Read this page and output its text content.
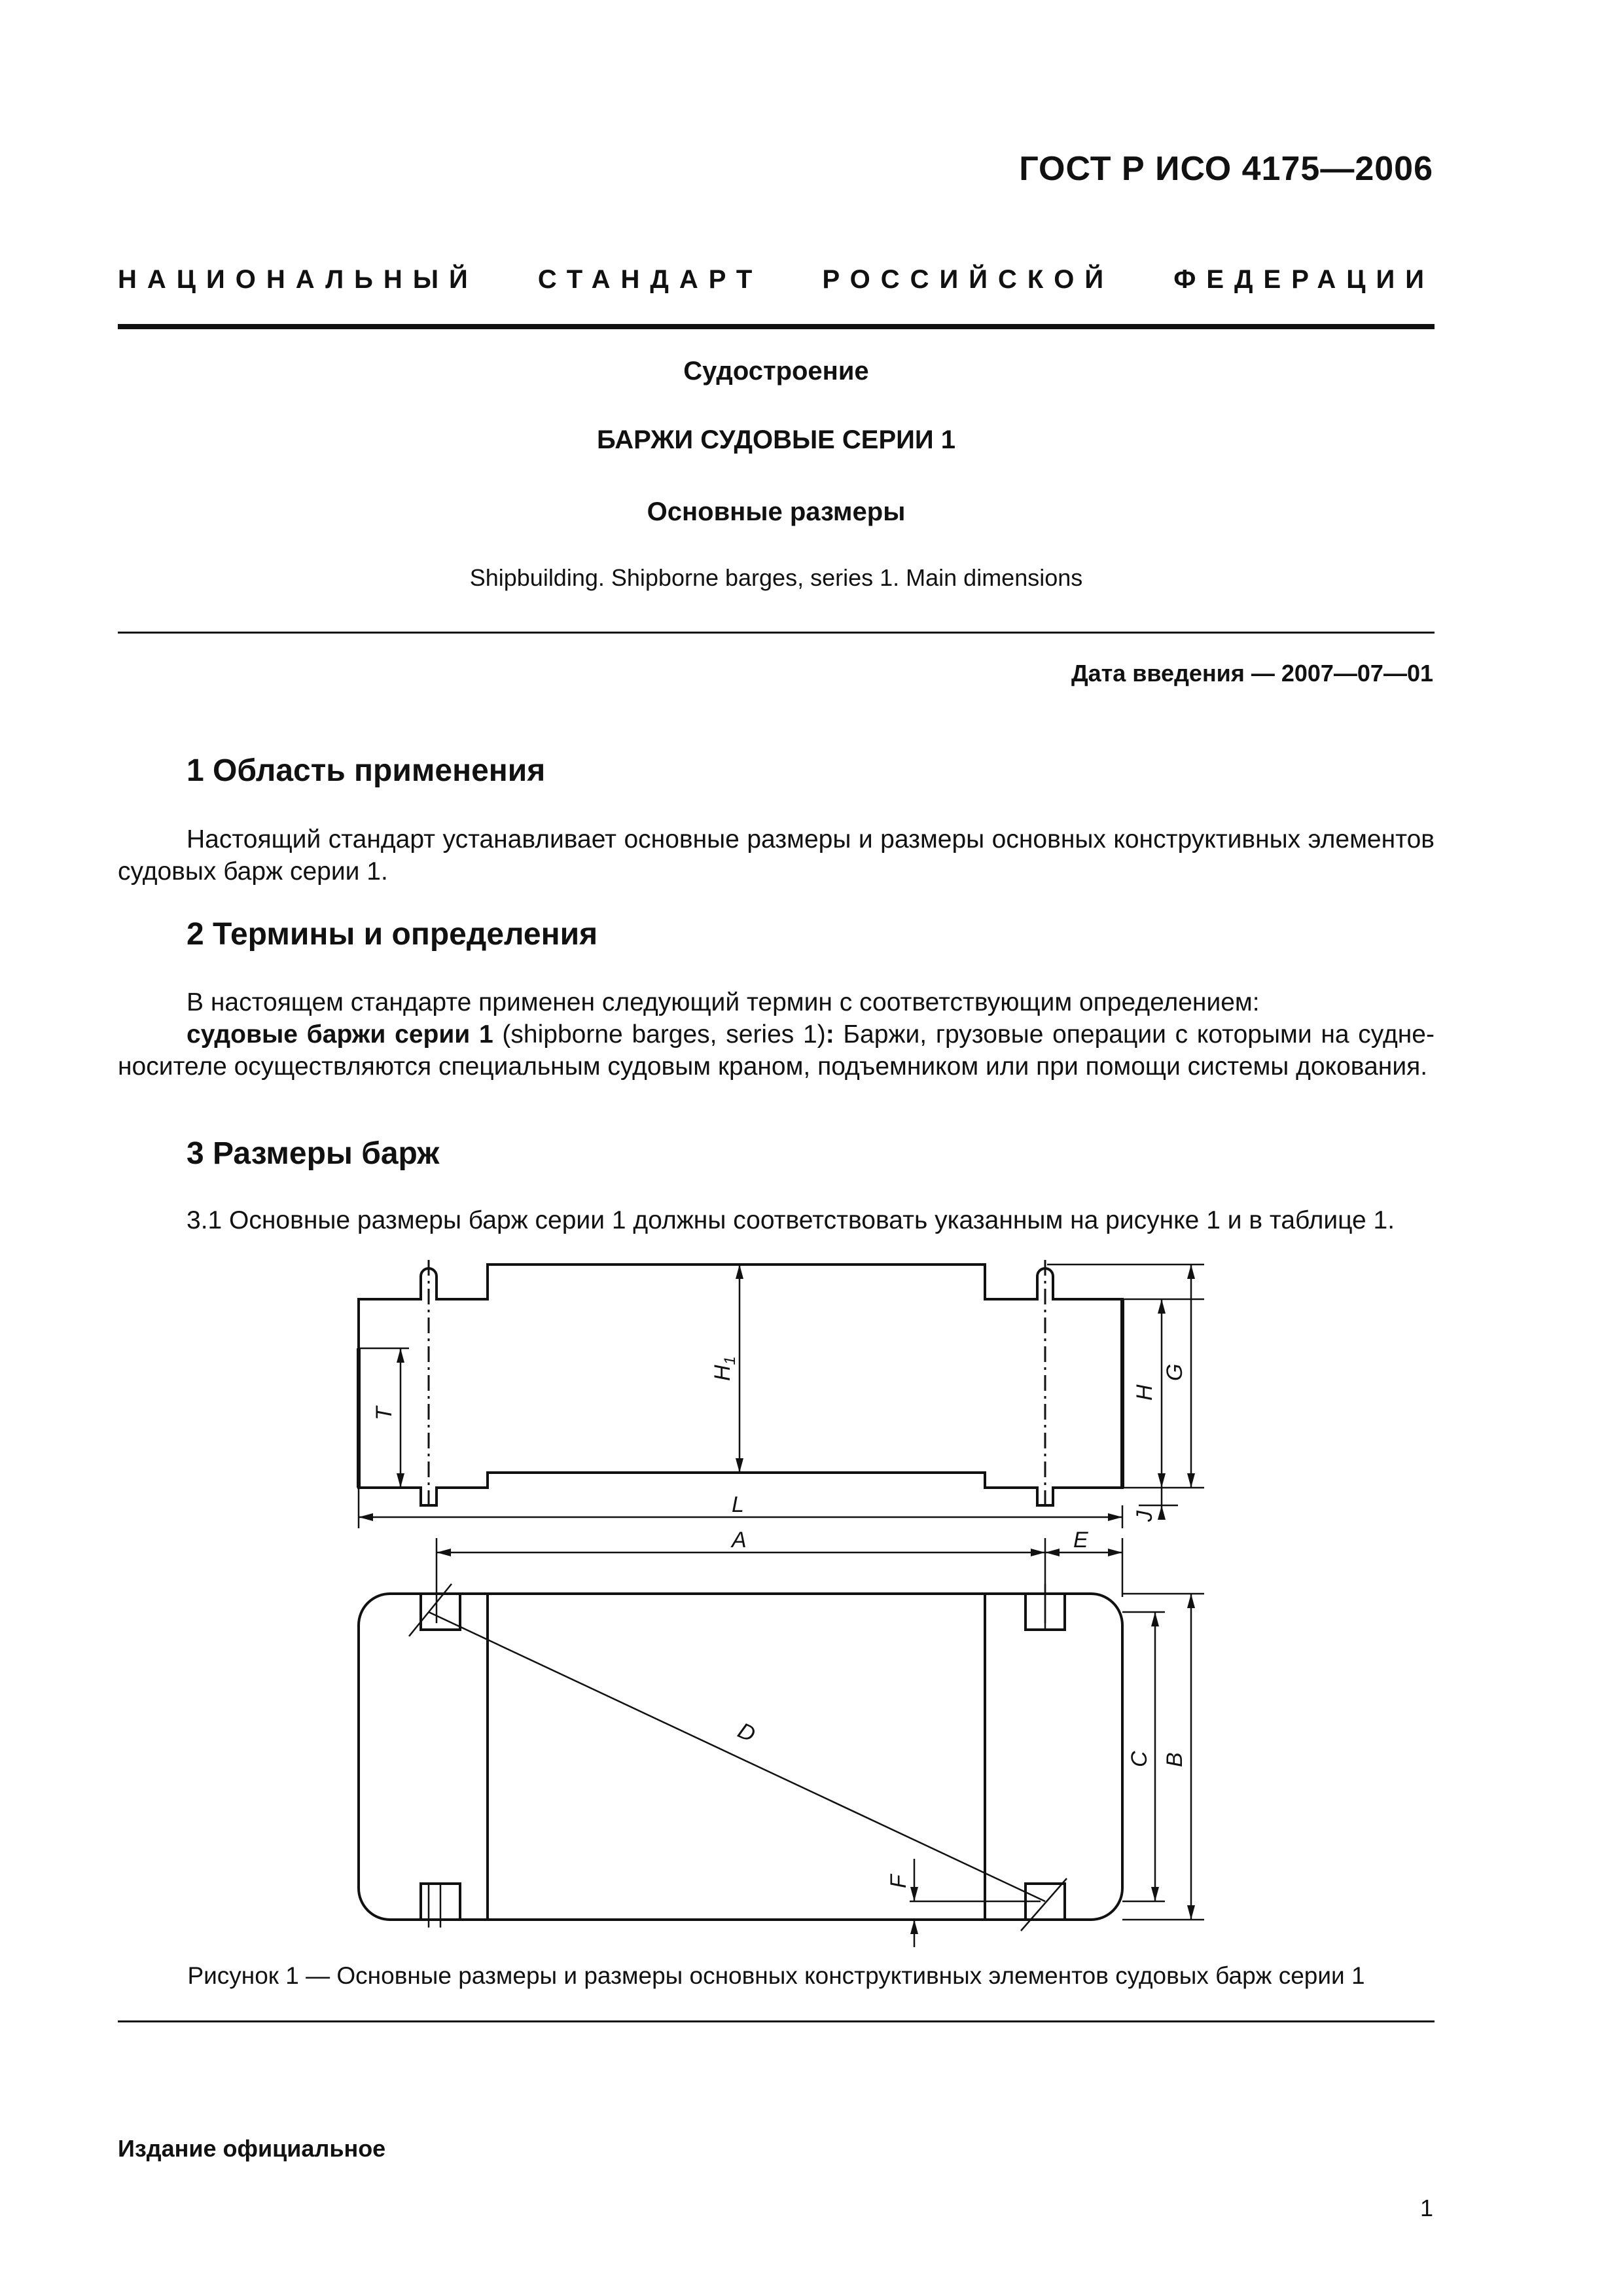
ГОСТ Р ИСО 4175—2006
НАЦИОНАЛЬНЫЙ СТАНДАРТ РОССИЙСКОЙ ФЕДЕРАЦИИ
Судостроение
БАРЖИ СУДОВЫЕ СЕРИИ 1
Основные размеры
Shipbuilding. Shipborne barges, series 1. Main dimensions
Дата введения — 2007—07—01
1 Область применения
Настоящий стандарт устанавливает основные размеры и размеры основных конструктивных элементов судовых барж серии 1.
2 Термины и определения
В настоящем стандарте применен следующий термин с соответствующим определением:
судовые баржи серии 1 (shipborne barges, series 1): Баржи, грузовые операции с которыми на судне-носителе осуществляются специальным судовым краном, подъемником или при помощи системы докования.
3 Размеры барж
3.1 Основные размеры барж серии 1 должны соответствовать указанным на рисунке 1 и в таблице 1.
T
$H_1$
H
G
J
L
A	E
D
C B
F
Рисунок 1 — Основные размеры и размеры основных конструктивных элементов судовых барж серии 1
Издание официальное
1
